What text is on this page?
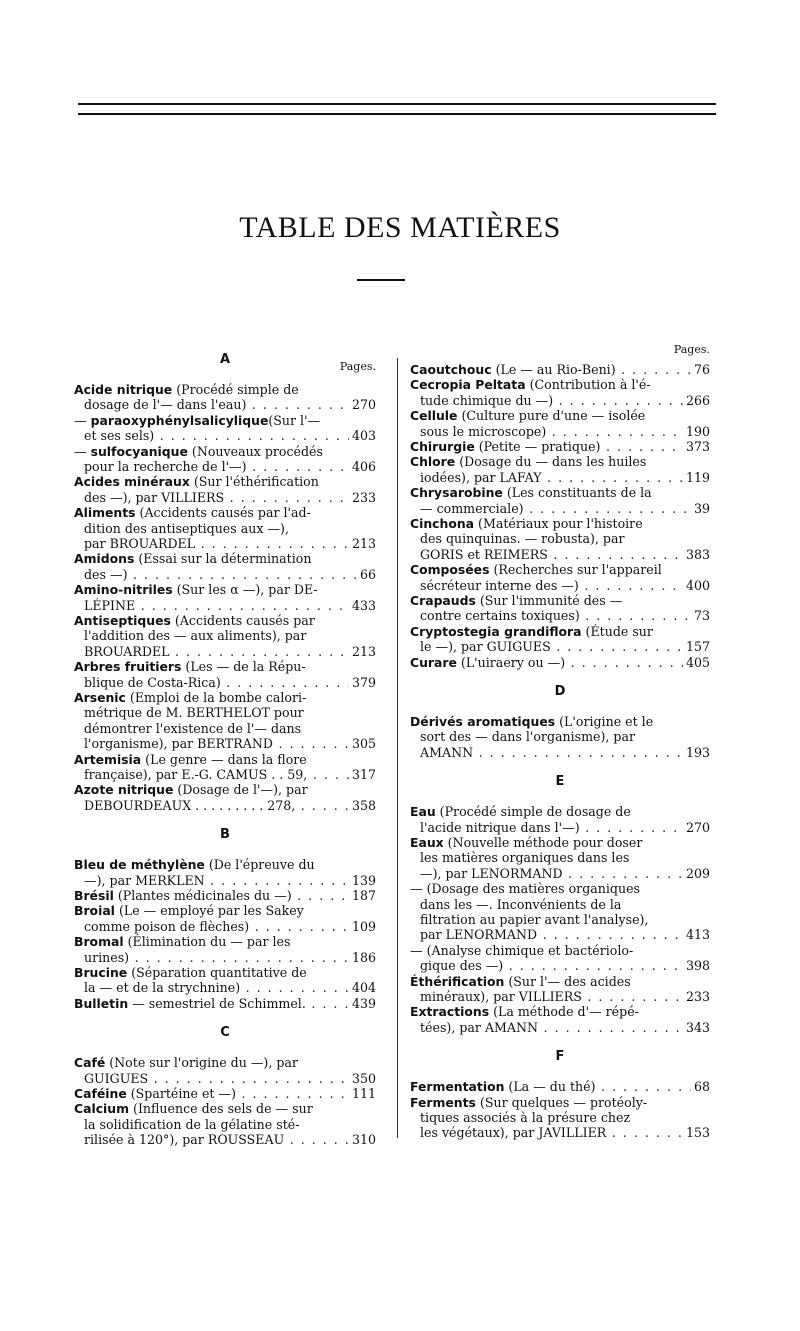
TABLE DES MATIÈRES
Pages.
A
Acide nitrique (Procédé simple de
dosage de l'— dans l'eau) . . .	270
— paraoxyphénylsalicylique(Sur l'—
et ses sels) . . .	403
— sulfocyanique (Nouveaux procédés
pour la recherche de l'—) . . .	406
Acides minéraux (Sur l'éthérification
des —), par VILLIERS . . .	233
Aliments (Accidents causés par l'ad-
dition des antiseptiques aux —),
par BROUARDEL . . .	213
Amidons (Essai sur la détermination
des —) . . .	66
Amino-nitriles (Sur les α —), par DE-
LÉPINE . . .	433
Antiseptiques (Accidents causés par
l'addition des — aux aliments), par
BROUARDEL . . .	213
Arbres fruitiers (Les — de la Répu-
blique de Costa-Rica) . . .	379
Arsenic (Emploi de la bombe calori-
métrique de M. BERTHELOT pour
démontrer l'existence de l'— dans
l'organisme), par BERTRAND . . .	305
Artemisia (Le genre — dans la flore
française), par E.-G. CAMUS . . 59, . . .	317
Azote nitrique (Dosage de l'—), par
DEBOURDEAUX . . . . . . . . . 278, . . .	358
B
Bleu de méthylène (De l'épreuve du
—), par MERKLEN . . .	139
Brésil (Plantes médicinales du —) . . .	187
Broial (Le — employé par les Sakey
comme poison de flèches) . . .	109
Bromal (Élimination du — par les
urines) . . .	186
Brucine (Séparation quantitative de
la — et de la strychnine) . . .	404
Bulletin — semestriel de Schimmel. . . .	439
C
Café (Note sur l'origine du —), par
GUIGUES . . .	350
Caféine (Spartéine et —) . . .	111
Calcium (Influence des sels de — sur
la solidification de la gélatine sté-
rilisée à 120°), par ROUSSEAU . . .	310
Pages.
Caoutchouc (Le — au Rio-Beni) . . .	76
Cecropia Peltata (Contribution à l'é-
tude chimique du —) . . .	266
Cellule (Culture pure d'une — isolée
sous le microscope) . . .	190
Chirurgie (Petite — pratique) . . .	373
Chlore (Dosage du — dans les huiles
iodées), par LAFAY . . .	119
Chrysarobine (Les constituants de la
— commerciale) . . .	39
Cinchona (Matériaux pour l'histoire
des quinquinas. — robusta), par
GORIS et REIMERS . . .	383
Composées (Recherches sur l'appareil
sécréteur interne des —) . . .	400
Crapauds (Sur l'immunité des —
contre certains toxiques) . . .	73
Cryptostegia grandiflora (Étude sur
le —), par GUIGUES . . .	157
Curare (L'uiraery ou —) . . .	405
D
Dérivés aromatiques (L'origine et le
sort des — dans l'organisme), par
AMANN . . .	193
E
Eau (Procédé simple de dosage de
l'acide nitrique dans l'—) . . .	270
Eaux (Nouvelle méthode pour doser
les matières organiques dans les
—), par LENORMAND . . .	209
— (Dosage des matières organiques
dans les —. Inconvénients de la
filtration au papier avant l'analyse),
par LENORMAND . . .	413
— (Analyse chimique et bactériolo-
gique des —) . . .	398
Éthérification (Sur l'— des acides
minéraux), par VILLIERS . . .	233
Extractions (La méthode d'— répé-
tées), par AMANN . . .	343
F
Fermentation (La — du thé) . . .	68
Ferments (Sur quelques — protéoly-
tiques associés à la présure chez
les végétaux), par JAVILLIER . . .	153
